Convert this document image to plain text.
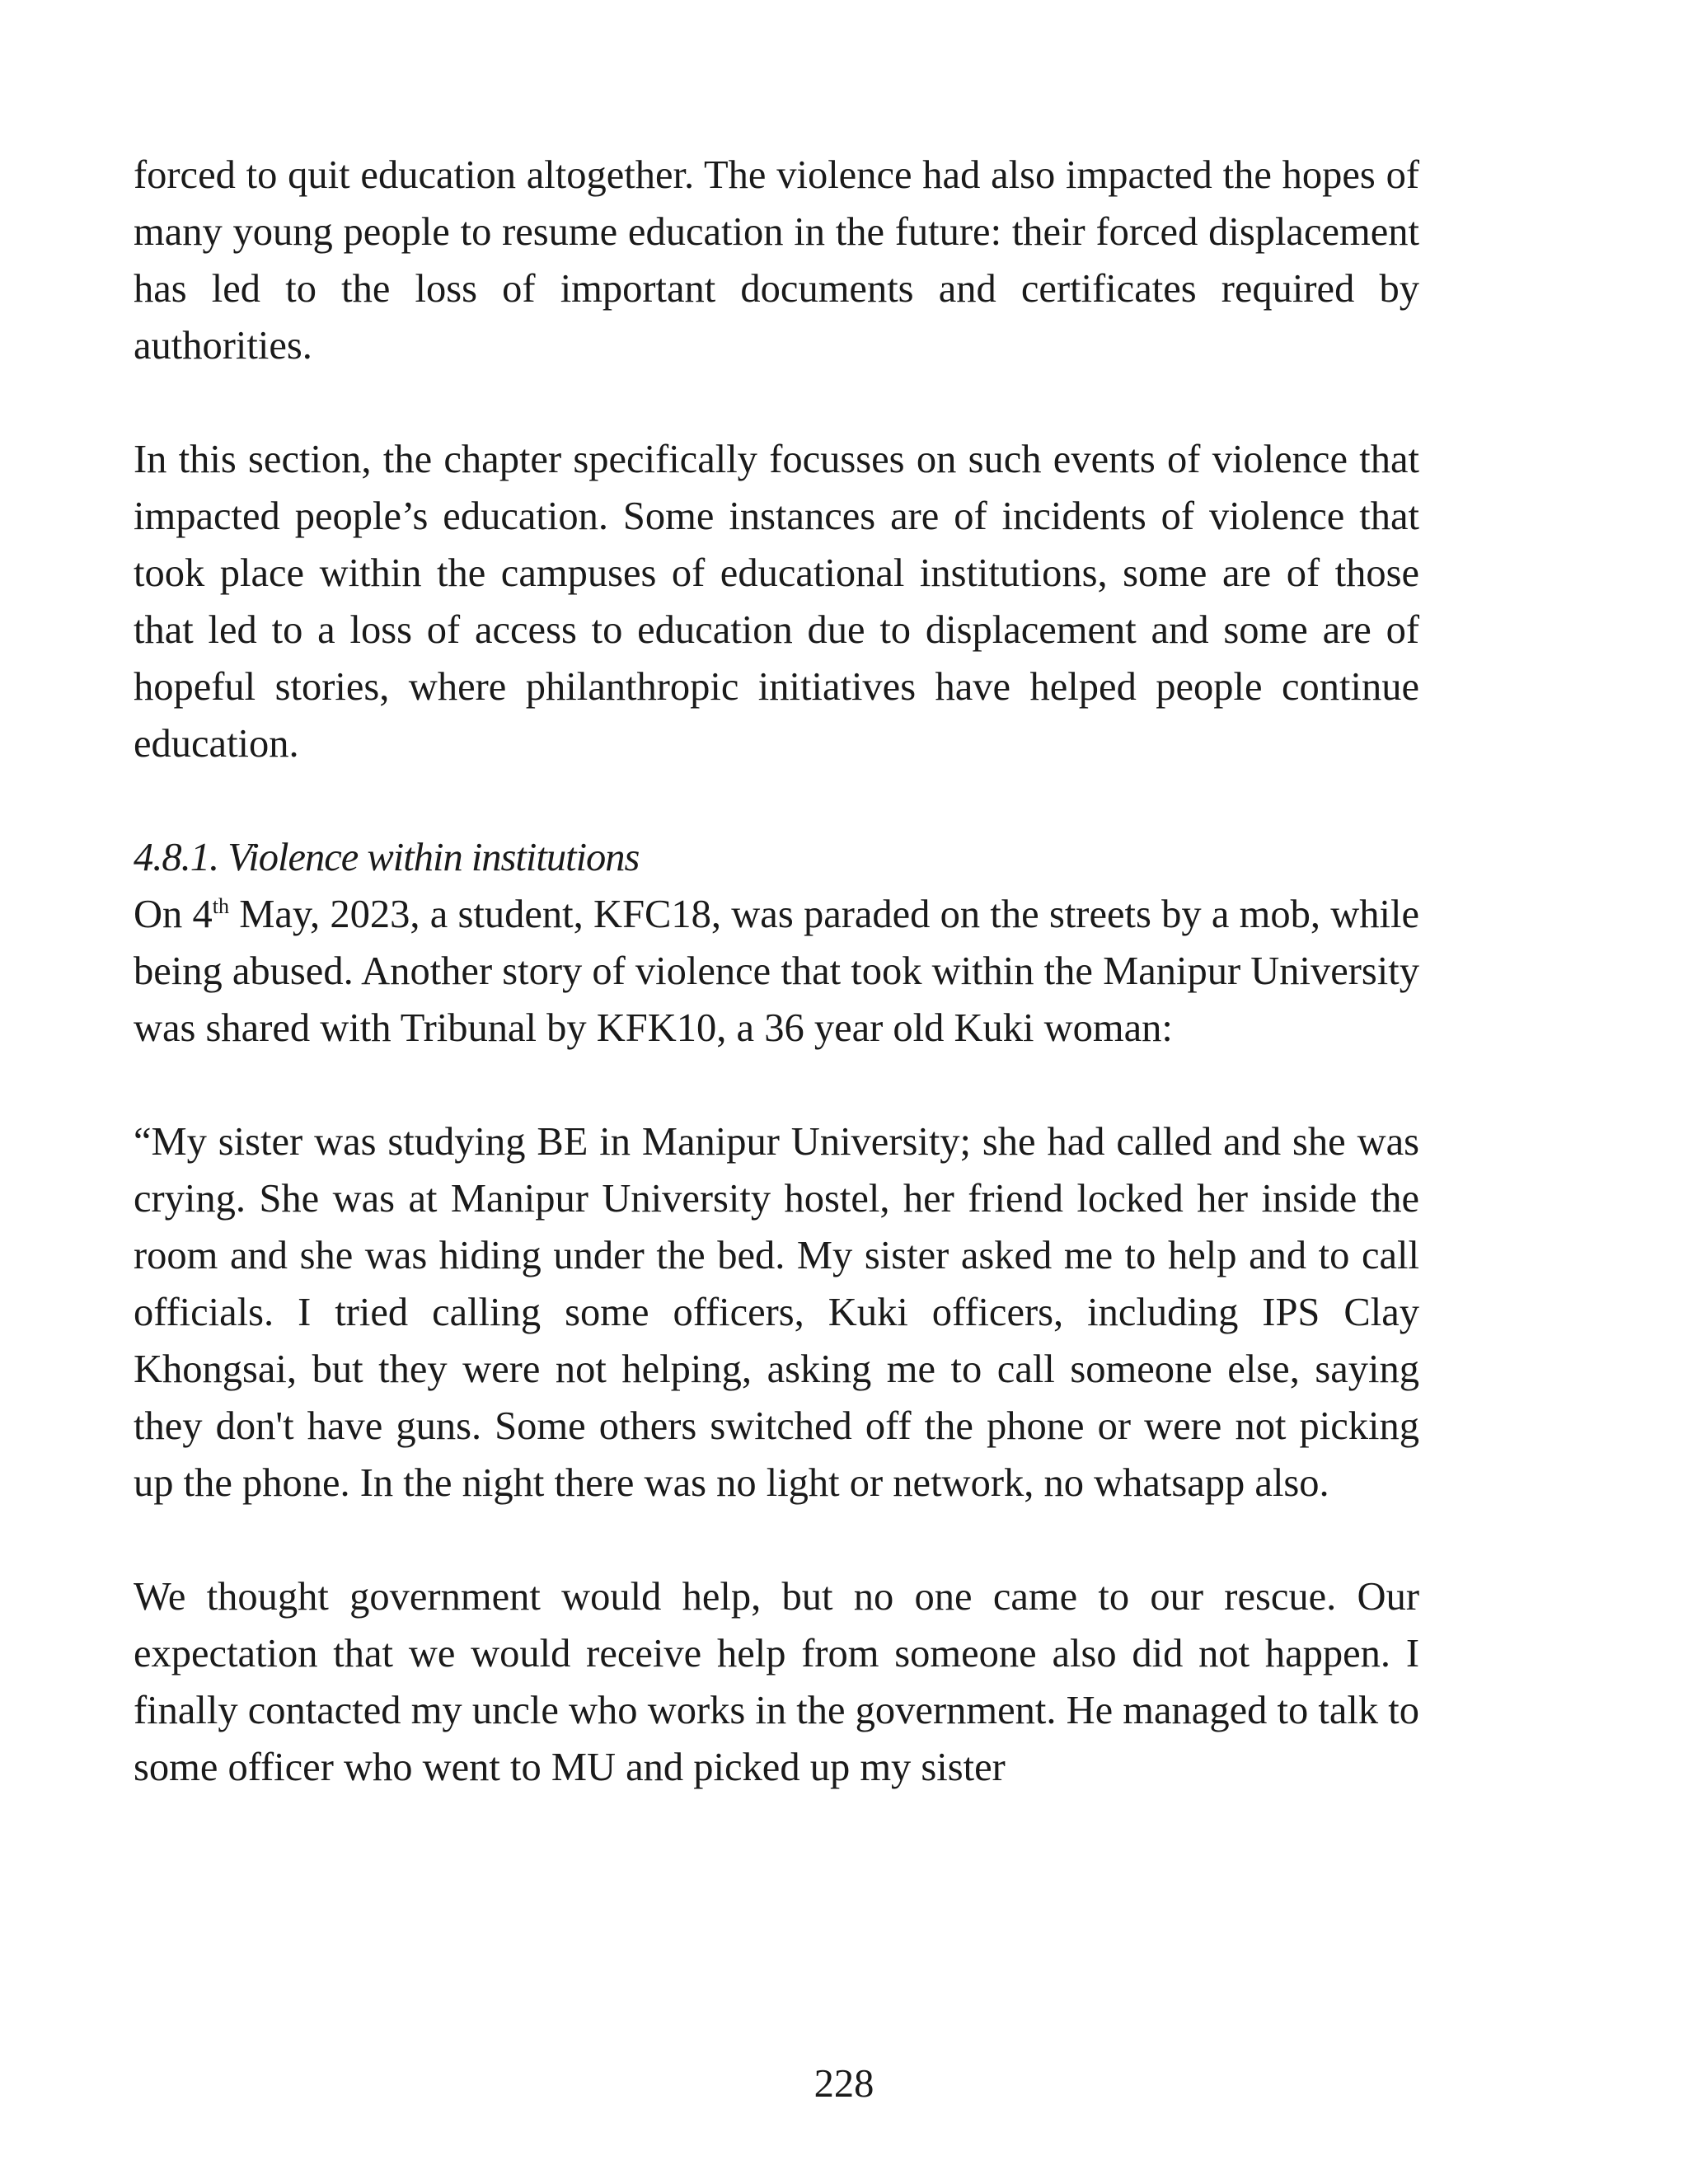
forced to quit education altogether. The violence had also impacted the hopes of many young people to resume education in the future: their forced displacement has led to the loss of important documents and certificates required by authorities.

In this section, the chapter specifically focusses on such events of violence that impacted people’s education. Some instances are of incidents of violence that took place within the campuses of educational institutions, some are of those that led to a loss of access to education due to displacement and some are of hopeful stories, where philanthropic initiatives have helped people continue education.

4.8.1. Violence within institutions

On 4th May, 2023, a student, KFC18, was paraded on the streets by a mob, while being abused. Another story of violence that took within the Manipur University was shared with Tribunal by KFK10, a 36 year old Kuki woman:

“My sister was studying BE in Manipur University; she had called and she was crying. She was at Manipur University hostel, her friend locked her inside the room and she was hiding under the bed. My sister asked me to help and to call officials. I tried calling some officers, Kuki officers, including IPS Clay Khongsai, but they were not helping, asking me to call someone else, saying they don't have guns. Some others switched off the phone or were not picking up the phone. In the night there was no light or network, no whatsapp also.

We thought government would help, but no one came to our rescue. Our expectation that we would receive help from someone also did not happen. I finally contacted my uncle who works in the government. He managed to talk to some officer who went to MU and picked up my sister

228
